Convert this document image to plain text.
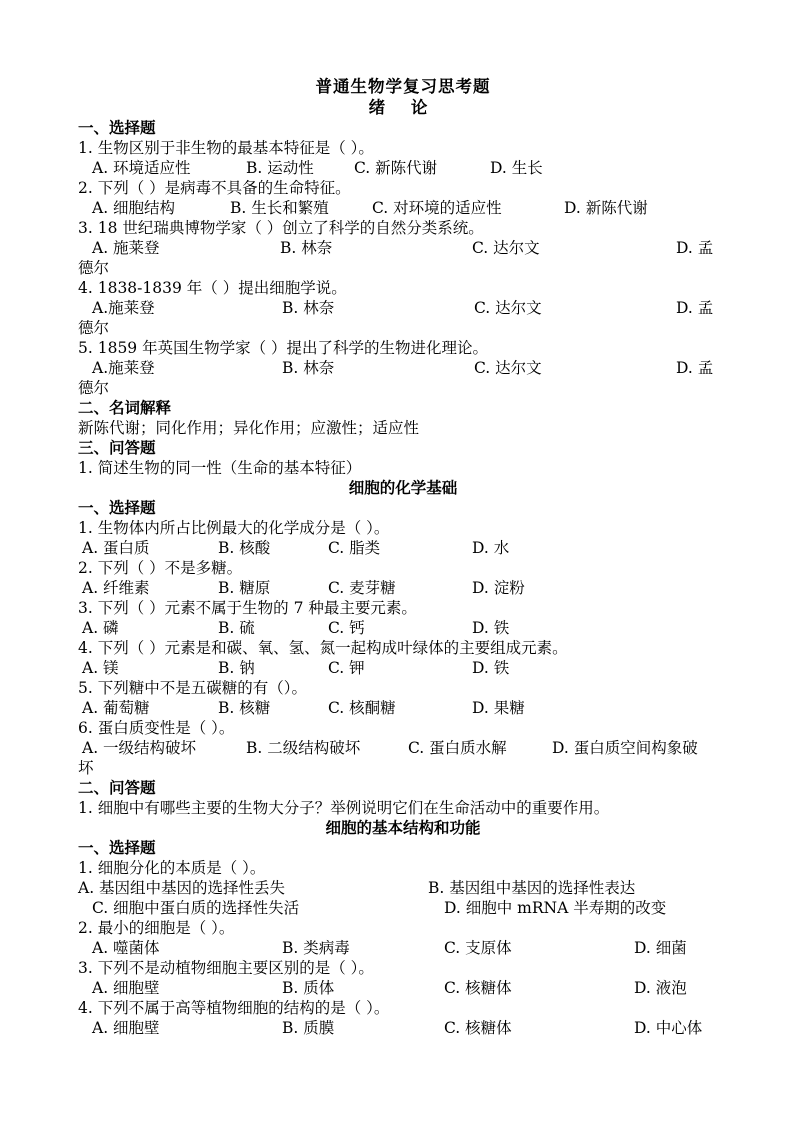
普通生物学复习思考题
绪 论
一、选择题
1. 生物区别于非生物的最基本特征是（ ）。
A. 环境适应性	B. 运动性	C. 新陈代谢	D. 生长
2. 下列（ ）是病毒不具备的生命特征。
A. 细胞结构	B. 生长和繁殖	C. 对环境的适应性	D. 新陈代谢
3. 18 世纪瑞典博物学家（ ）创立了科学的自然分类系统。
A. 施莱登	B. 林奈	C. 达尔文	D. 孟
德尔
4. 1838-1839 年（ ）提出细胞学说。
A.施莱登	B. 林奈	C. 达尔文	D. 孟
德尔
5. 1859 年英国生物学家（ ）提出了科学的生物进化理论。
A.施莱登	B. 林奈	C. 达尔文	D. 孟
德尔
二、名词解释
新陈代谢；同化作用；异化作用；应激性；适应性
三、问答题
1. 简述生物的同一性（生命的基本特征）
细胞的化学基础
一、选择题
1. 生物体内所占比例最大的化学成分是（ ）。
A. 蛋白质	B. 核酸	C. 脂类	D. 水
2. 下列（ ）不是多糖。
A. 纤维素	B. 糖原	C. 麦芽糖	D. 淀粉
3. 下列（ ）元素不属于生物的 7 种最主要元素。
A. 磷	B. 硫	C. 钙	D. 铁
4. 下列（ ）元素是和碳、氧、氢、氮一起构成叶绿体的主要组成元素。
A. 镁	B. 钠	C. 钾	D. 铁
5. 下列糖中不是五碳糖的有（）。
A. 葡萄糖	B. 核糖	C. 核酮糖	D. 果糖
6. 蛋白质变性是（ ）。
A. 一级结构破坏	B. 二级结构破坏	C. 蛋白质水解	D. 蛋白质空间构象破
坏
二、问答题
1. 细胞中有哪些主要的生物大分子？举例说明它们在生命活动中的重要作用。
细胞的基本结构和功能
一、选择题
1. 细胞分化的本质是（ ）。
A. 基因组中基因的选择性丢失	B. 基因组中基因的选择性表达
C. 细胞中蛋白质的选择性失活	D. 细胞中 mRNA 半寿期的改变
2. 最小的细胞是（ ）。
A. 噬菌体	B. 类病毒	C. 支原体	D. 细菌
3. 下列不是动植物细胞主要区别的是（ ）。
A. 细胞壁	B. 质体	C. 核糖体	D. 液泡
4. 下列不属于高等植物细胞的结构的是（ ）。
A. 细胞壁	B. 质膜	C. 核糖体	D. 中心体
